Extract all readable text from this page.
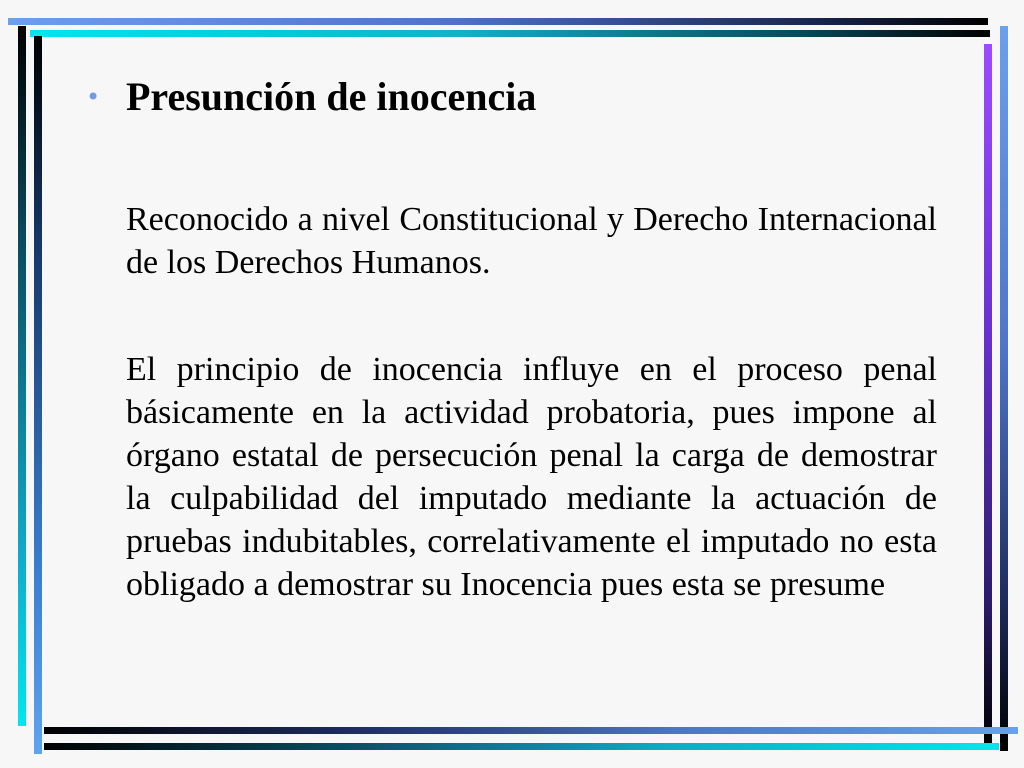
• Presunción de inocencia

Reconocido a nivel Constitucional y Derecho Internacional de los Derechos Humanos.

El principio de inocencia influye en el proceso penal básicamente en la actividad probatoria, pues impone al órgano estatal de persecución penal la carga de demostrar la culpabilidad del imputado mediante la actuación de pruebas indubitables, correlativamente el imputado no esta obligado a demostrar su Inocencia pues esta se presume
